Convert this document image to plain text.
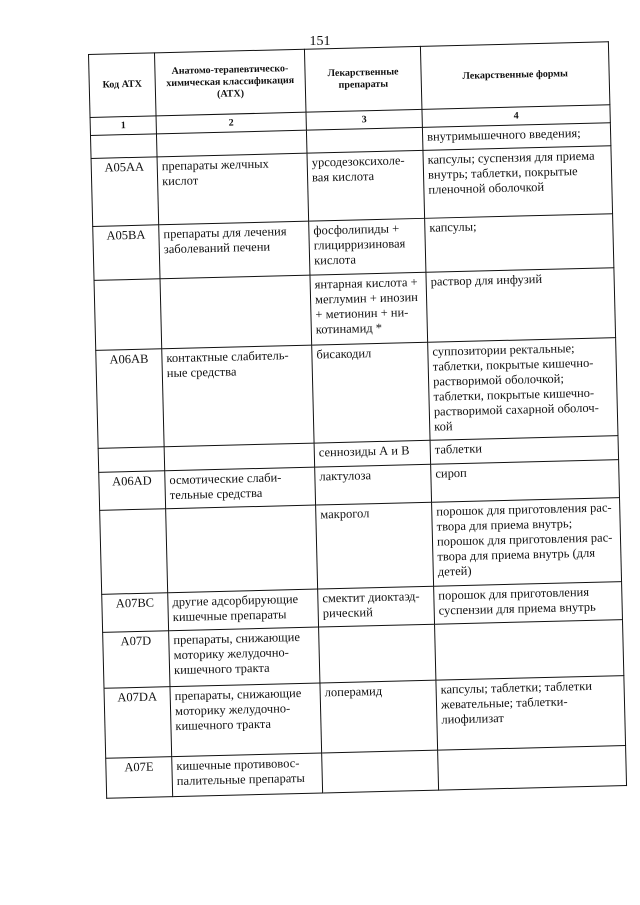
151
Код АТХ	Анатомо-терапевтическо-химическая классификация (АТХ)	Лекарственные препараты	Лекарственные формы
1	2	3	4
			внутримышечного введения;
A05AA	препараты желчных кислот	урсодезоксихоле-вая кислота	капсулы; суспензия для приема внутрь; таблетки, покрытые пленочной оболочкой
A05BA	препараты для лечения заболеваний печени	фосфолипиды + глицирризиновая кислота	капсулы;
		янтарная кислота + меглумин + инозин + метионин + ни-котинамид *	раствор для инфузий
A06AB	контактные слабитель-ные средства	бисакодил	суппозитории ректальные; таблетки, покрытые кишечно-растворимой оболочкой; таблетки, покрытые кишечно-растворимой сахарной оболоч-кой
		сеннозиды А и В	таблетки
A06AD	осмотические слаби-тельные средства	лактулоза	сироп
		макрогол	порошок для приготовления рас-твора для приема внутрь; порошок для приготовления рас-твора для приема внутрь (для детей)
A07BC	другие адсорбирующие кишечные препараты	смектит диоктаэд-рический	порошок для приготовления суспензии для приема внутрь
A07D	препараты, снижающие моторику желудочно-кишечного тракта		
A07DA	препараты, снижающие моторику желудочно-кишечного тракта	лоперамид	капсулы; таблетки; таблетки жевательные; таблетки-лиофилизат
A07E	кишечные противовос-палительные препараты		
